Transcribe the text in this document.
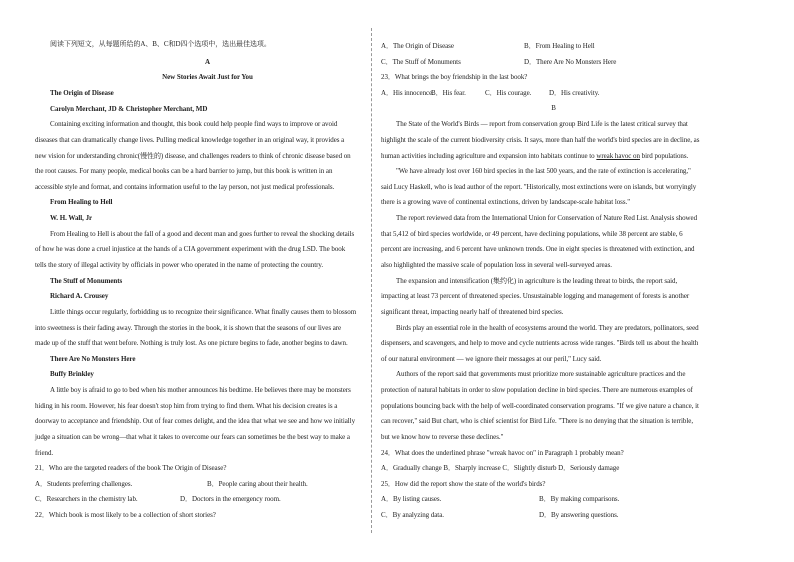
阅读下列短文，从每题所给的A、B、C和D四个选项中，选出最佳选项。
A
New Stories Await Just for You
The Origin of Disease
Carolyn Merchant, JD & Christopher Merchant, MD
Containing exciting information and thought, this book could help people find ways to improve or avoid
diseases that can dramatically change lives. Pulling medical knowledge together in an original way, it provides a
new vision for understanding chronic(慢性的) disease, and challenges readers to think of chronic disease based on
the root causes. For many people, medical books can be a hard barrier to jump, but this book is written in an
accessible style and format, and contains information useful to the lay person, not just medical professionals.
From Healing to Hell
W. H. Wall, Jr
From Healing to Hell is about the fall of a good and decent man and goes further to reveal the shocking details
of how he was done a cruel injustice at the hands of a CIA government experiment with the drug LSD. The book
tells the story of illegal activity by officials in power who operated in the name of protecting the country.
The Stuff of Monuments
Richard A. Crousey
Little things occur regularly, forbidding us to recognize their significance. What finally causes them to blossom
into sweetness is their fading away. Through the stories in the book, it is shown that the seasons of our lives are
made up of the stuff that went before. Nothing is truly lost. As one picture begins to fade, another begins to dawn.
There Are No Monsters Here
Buffy Brinkley
A little boy is afraid to go to bed when his mother announces his bedtime. He believes there may be monsters
hiding in his room. However, his fear doesn't stop him from trying to find them. What his decision creates is a
doorway to acceptance and friendship. Out of fear comes delight, and the idea that what we see and how we initially
judge a situation can be wrong—that what it takes to overcome our fears can sometimes be the best way to make a
friend.
21．Who are the targeted readers of the book The Origin of Disease?
A．Students preferring challenges.	B．People caring about their health.
C．Researchers in the chemistry lab.	D．Doctors in the emergency room.
22．Which book is most likely to be a collection of short stories?
A．The Origin of Disease	B．From Healing to Hell
C．The Stuff of Monuments	D．There Are No Monsters Here
23．What brings the boy friendship in the last book?
A．His innocence.
B．His fear.	C．His courage.	D．His creativity.
B
The State of the World's Birds — report from conservation group Bird Life is the latest critical survey that
highlight the scale of the current biodiversity crisis. It says, more than half the world's bird species are in decline, as
human activities including agriculture and expansion into habitats continue to wreak havoc on bird populations.
"We have already lost over 160 bird species in the last 500 years, and the rate of extinction is accelerating,"
said Lucy Haskell, who is lead author of the report. "Historically, most extinctions were on islands, but worryingly
there is a growing wave of continental extinctions, driven by landscape-scale habitat loss."
The report reviewed data from the International Union for Conservation of Nature Red List. Analysis showed
that 5,412 of bird species worldwide, or 49 percent, have declining populations, while 38 percent are stable, 6
percent are increasing, and 6 percent have unknown trends. One in eight species is threatened with extinction, and
also highlighted the massive scale of population loss in several well-surveyed areas.
The expansion and intensification (集约化) in agriculture is the leading threat to birds, the report said,
impacting at least 73 percent of threatened species. Unsustainable logging and management of forests is another
significant threat, impacting nearly half of threatened bird species.
Birds play an essential role in the health of ecosystems around the world. They are predators, pollinators, seed
dispensers, and scavengers, and help to move and cycle nutrients across wide ranges. "Birds tell us about the health
of our natural environment — we ignore their messages at our peril," Lucy said.
Authors of the report said that governments must prioritize more sustainable agriculture practices and the
protection of natural habitats in order to slow population decline in bird species. There are numerous examples of
populations bouncing back with the help of well-coordinated conservation programs. "If we give nature a chance, it
can recover," said But chart, who is chief scientist for Bird Life. "There is no denying that the situation is terrible,
but we know how to reverse these declines."
24．What does the underlined phrase "wreak havoc on" in Paragraph 1 probably mean?
A．Gradually change B．Sharply increase C．Slightly disturb D．Seriously damage
25．How did the report show the state of the world's birds?
A．By listing causes.	B．By making comparisons.
C．By analyzing data.	D．By answering questions.
